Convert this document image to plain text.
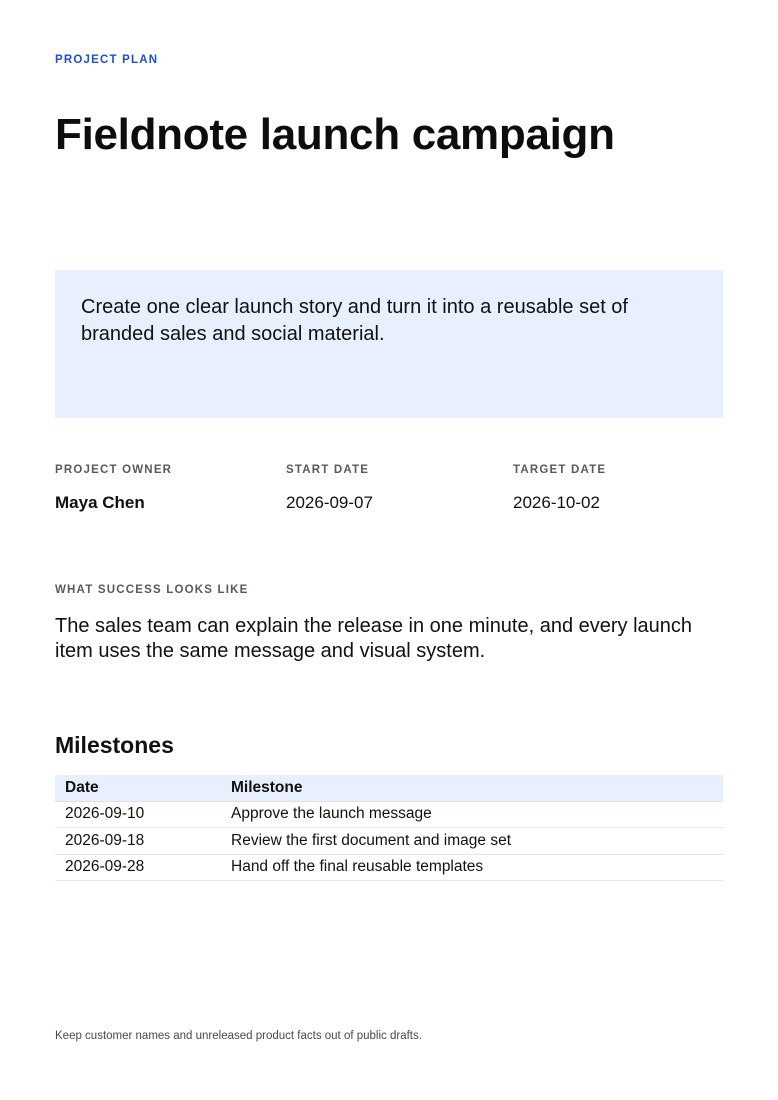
PROJECT PLAN
Fieldnote launch campaign

Create one clear launch story and turn it into a reusable set of branded sales and social material.

PROJECT OWNER
Maya Chen
START DATE
2026-09-07
TARGET DATE
2026-10-02
WHAT SUCCESS LOOKS LIKE

The sales team can explain the release in one minute, and every launch item uses the same message and visual system.

Milestones
Date	Milestone
2026-09-10	Approve the launch message
2026-09-18	Review the first document and image set
2026-09-28	Hand off the final reusable templates
Keep customer names and unreleased product facts out of public drafts.
